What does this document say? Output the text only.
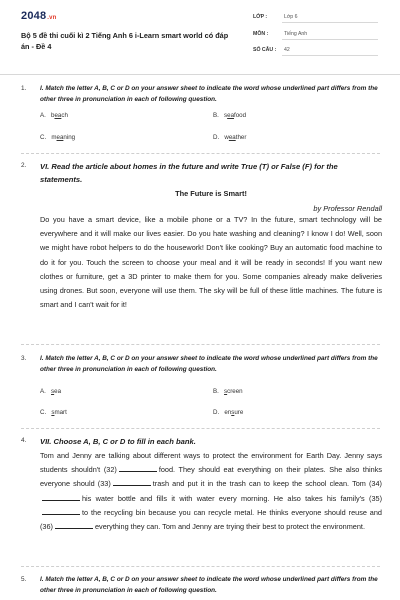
2048.vn
Bộ 5 đề thi cuối kì 2 Tiếng Anh 6 i-Learn smart world có đáp án - Đề 4
LỚP :	Lớp 6
MÔN :	Tiếng Anh
SỐ CÂU : 42
1. I. Match the letter A, B, C or D on your answer sheet to indicate the word whose underlined part differs from the other three in pronunciation in each of following question.
A. beach	B. seafood
C. meaning	D. weather
2. VI. Read the article about homes in the future and write True (T) or False (F) for the statements.
The Future is Smart!
by Professor Rendall
Do you have a smart device, like a mobile phone or a TV? In the future, smart technology will be everywhere and it will make our lives easier. Do you hate washing and cleaning? I know I do! Well, soon we might have robot helpers to do the housework! Don't like cooking? Buy an automatic food machine to do it for you. Touch the screen to choose your meal and it will be ready in seconds! If you want new clothes or furniture, get a 3D printer to make them for you. Some companies already make deliveries using drones. But soon, everyone will use them. The sky will be full of these little machines. The future is smart and I can't wait for it!
3. I. Match the letter A, B, C or D on your answer sheet to indicate the word whose underlined part differs from the other three in pronunciation in each of following question.
A. sea	B. screen
C. smart	D. ensure
4. VII. Choose A, B, C or D to fill in each bank.
Tom and Jenny are talking about different ways to protect the environment for Earth Day. Jenny says students shouldn't (32)	food. They should eat everything on their plates. She also thinks everyone should (33)	trash and put it in the trash can to keep the school clean. Tom (34)his water bottle and fills it with water every morning. He also takes his family's (35)to the recycling bin because you can recycle metal. He thinks everyone should reuse and (36)	everything they can. Tom and Jenny are trying their best to protect the environment.
5. I. Match the letter A, B, C or D on your answer sheet to indicate the word whose underlined part differs from the other three in pronunciation in each of following question.
